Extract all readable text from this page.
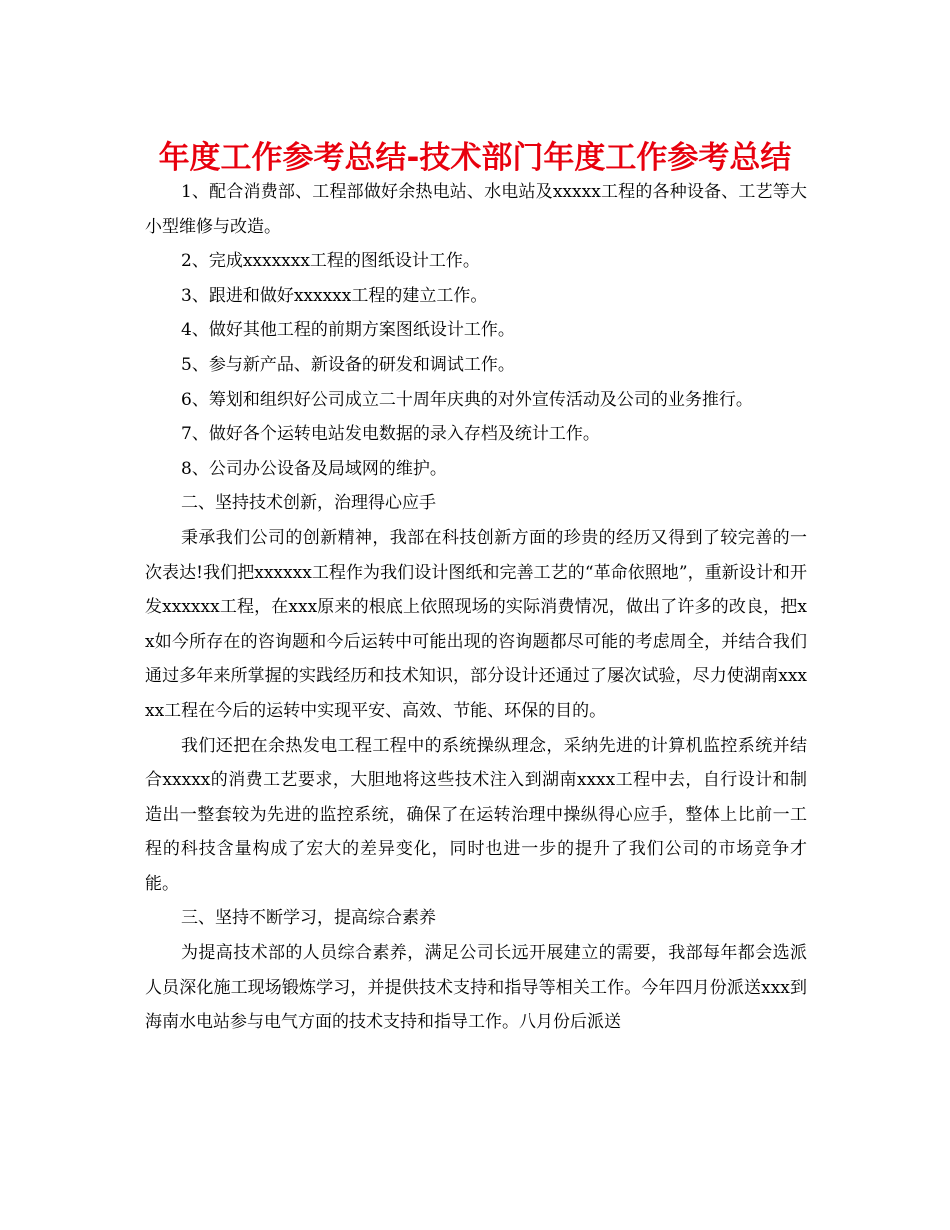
年度工作参考总结-技术部门年度工作参考总结

1、配合消费部、工程部做好余热电站、水电站及xxxxx工程的各种设备、工艺等大小型维修与改造。

2、完成xxxxxxx工程的图纸设计工作。

3、跟进和做好xxxxxx工程的建立工作。

4、做好其他工程的前期方案图纸设计工作。

5、参与新产品、新设备的研发和调试工作。

6、筹划和组织好公司成立二十周年庆典的对外宣传活动及公司的业务推行。

7、做好各个运转电站发电数据的录入存档及统计工作。

8、公司办公设备及局域网的维护。

二、坚持技术创新，治理得心应手

秉承我们公司的创新精神，我部在科技创新方面的珍贵的经历又得到了较完善的一次表达!我们把xxxxxx工程作为我们设计图纸和完善工艺的“革命依照地”，重新设计和开发xxxxxx工程，在xxx原来的根底上依照现场的实际消费情况，做出了许多的改良，把xx如今所存在的咨询题和今后运转中可能出现的咨询题都尽可能的考虑周全，并结合我们通过多年来所掌握的实践经历和技术知识，部分设计还通过了屡次试验，尽力使湖南xxxxx工程在今后的运转中实现平安、高效、节能、环保的目的。

我们还把在余热发电工程工程中的系统操纵理念，采纳先进的计算机监控系统并结合xxxxx的消费工艺要求，大胆地将这些技术注入到湖南xxxx工程中去，自行设计和制造出一整套较为先进的监控系统，确保了在运转治理中操纵得心应手，整体上比前一工程的科技含量构成了宏大的差异变化，同时也进一步的提升了我们公司的市场竞争才能。

三、坚持不断学习，提高综合素养

为提高技术部的人员综合素养，满足公司长远开展建立的需要，我部每年都会选派人员深化施工现场锻炼学习，并提供技术支持和指导等相关工作。今年四月份派送xxx到海南水电站参与电气方面的技术支持和指导工作。八月份后派送
